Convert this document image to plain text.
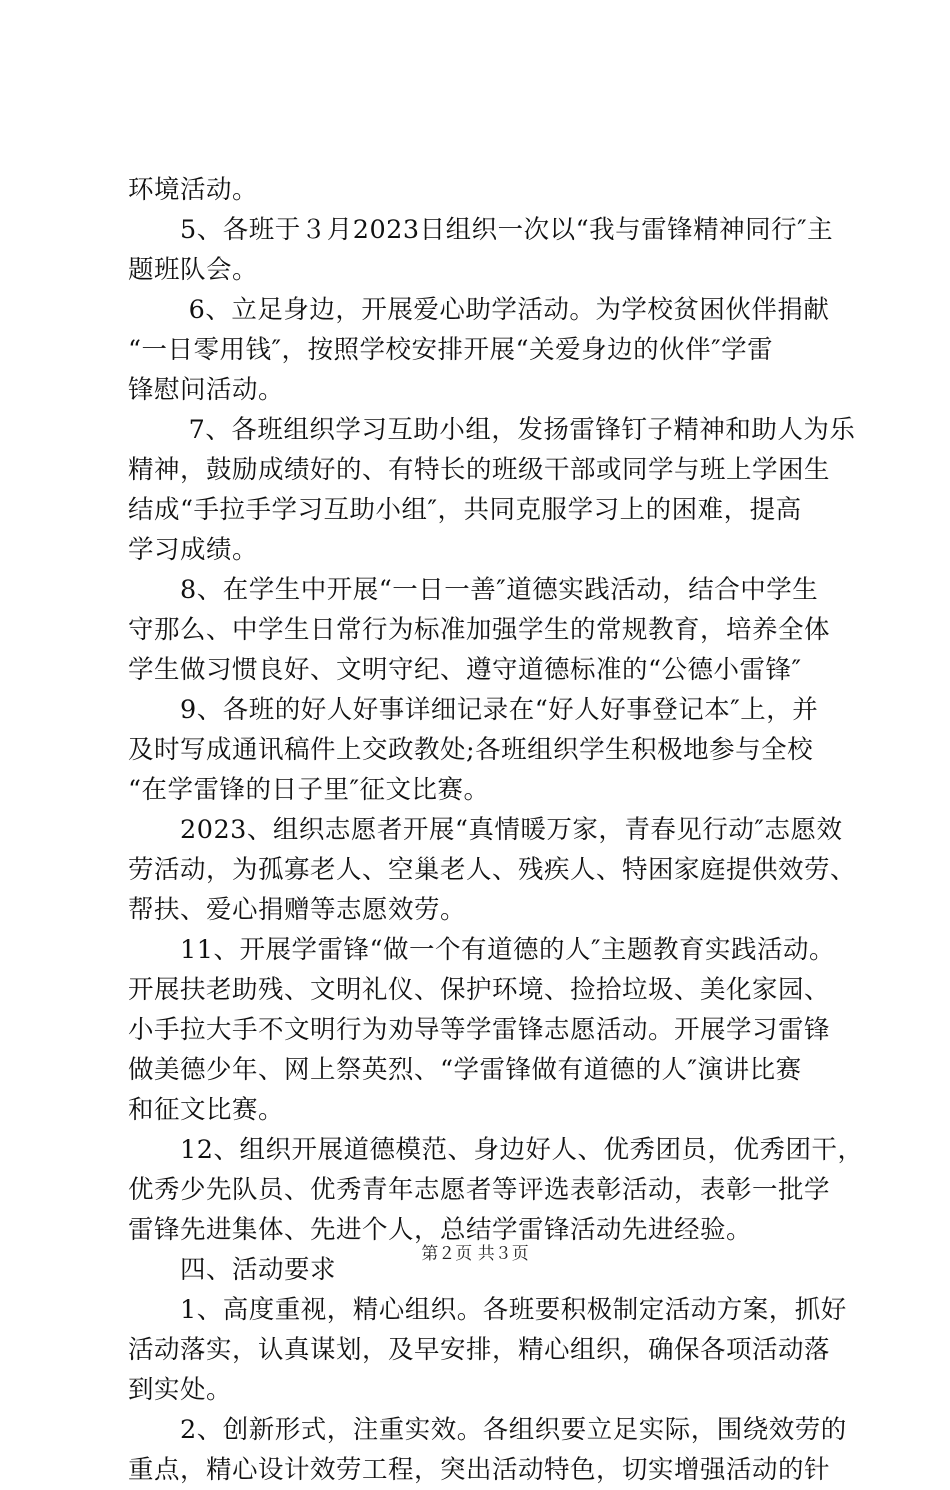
环境活动。
　　5、各班于３月2023日组织一次以“我与雷锋精神同行″主
题班队会。
　　 6、立足身边，开展爱心助学活动。为学校贫困伙伴捐献
“一日零用钱″，按照学校安排开展“关爱身边的伙伴″学雷
锋慰问活动。
　　 7、各班组织学习互助小组，发扬雷锋钉子精神和助人为乐
精神，鼓励成绩好的、有特长的班级干部或同学与班上学困生
结成“手拉手学习互助小组″，共同克服学习上的困难，提高
学习成绩。
　　8、在学生中开展“一日一善″道德实践活动，结合中学生
守那么、中学生日常行为标准加强学生的常规教育，培养全体
学生做习惯良好、文明守纪、遵守道德标准的“公德小雷锋″
　　9、各班的好人好事详细记录在“好人好事登记本″上，并
及时写成通讯稿件上交政教处;各班组织学生积极地参与全校
“在学雷锋的日子里″征文比赛。
　　2023、组织志愿者开展“真情暖万家，青春见行动″志愿效
劳活动，为孤寡老人、空巢老人、残疾人、特困家庭提供效劳、
帮扶、爱心捐赠等志愿效劳。
　　11、开展学雷锋“做一个有道德的人″主题教育实践活动。
开展扶老助残、文明礼仪、保护环境、捡拾垃圾、美化家园、
小手拉大手不文明行为劝导等学雷锋志愿活动。开展学习雷锋
做美德少年、网上祭英烈、“学雷锋做有道德的人″演讲比赛
和征文比赛。
　　12、组织开展道德模范、身边好人、优秀团员，优秀团干，
优秀少先队员、优秀青年志愿者等评选表彰活动，表彰一批学
雷锋先进集体、先进个人，总结学雷锋活动先进经验。
　　四、活动要求
　　1、高度重视，精心组织。各班要积极制定活动方案，抓好
活动落实，认真谋划，及早安排，精心组织，确保各项活动落
到实处。
　　2、创新形式，注重实效。各组织要立足实际，围绕效劳的
重点，精心设计效劳工程，突出活动特色，切实增强活动的针
第２页 共３页
